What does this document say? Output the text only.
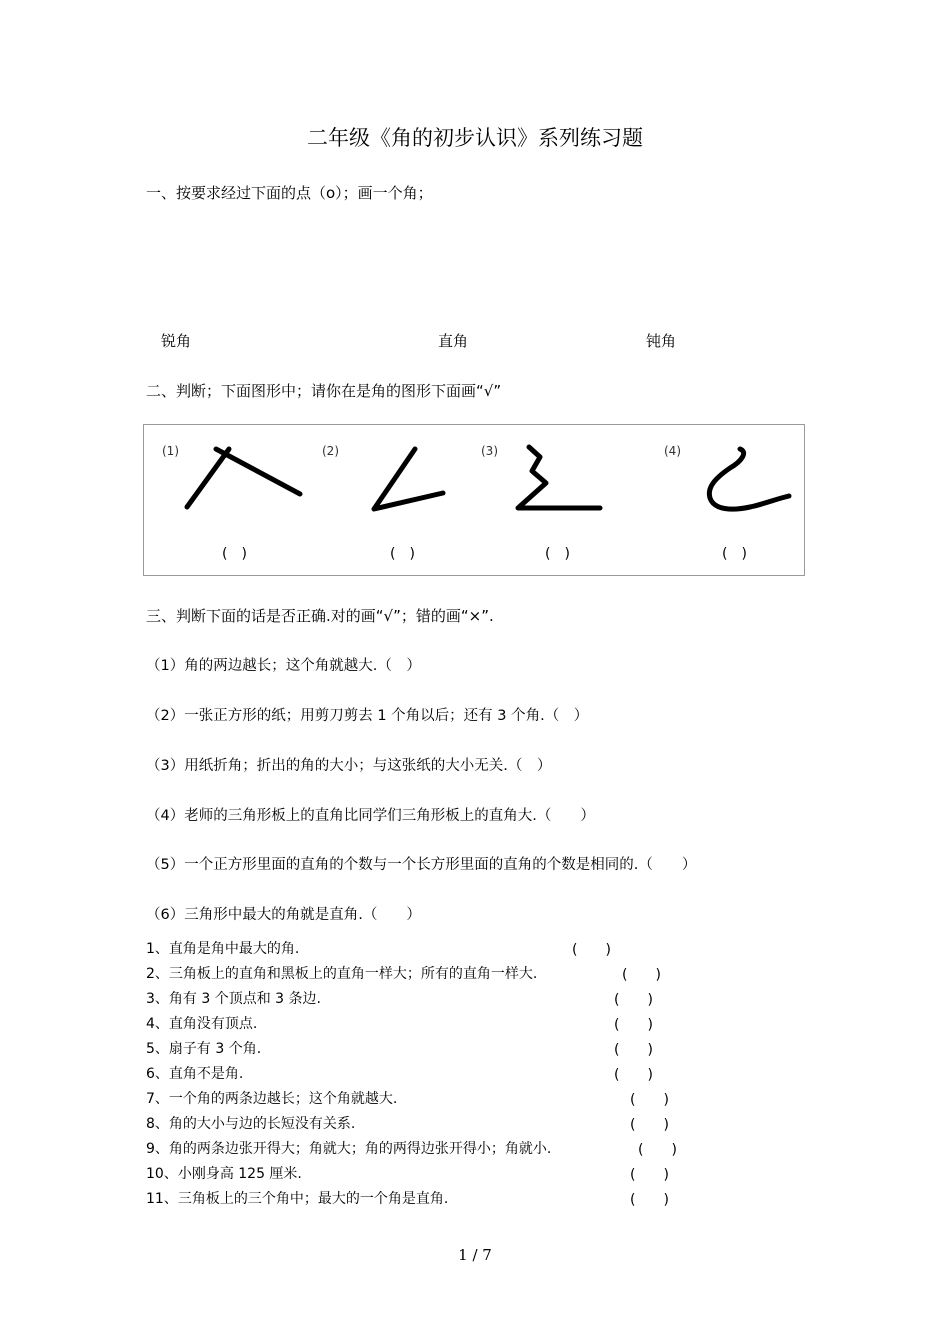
二年级《角的初步认识》系列练习题
一、按要求经过下面的点（o）；画一个角；
锐角	直角	钝角
二、判断；下面图形中；请你在是角的图形下面画“√”
(1)	(2)	(3)	(4)
(　)	(　)	(　)	(　)
三、判断下面的话是否正确.对的画“√”；错的画“×”.
（1）角的两边越长；这个角就越大.（　）
（2）一张正方形的纸；用剪刀剪去 1 个角以后；还有 3 个角.（　）
（3）用纸折角；折出的角的大小；与这张纸的大小无关.（　）
（4）老师的三角形板上的直角比同学们三角形板上的直角大.（　　）
（5）一个正方形里面的直角的个数与一个长方形里面的直角的个数是相同的.（　　）
（6）三角形中最大的角就是直角.（　　）
1、直角是角中最大的角.	(　　)
2、三角板上的直角和黑板上的直角一样大；所有的直角一样大.	(　　)
3、角有 3 个顶点和 3 条边.	(　　)
4、直角没有顶点.	(　　)
5、扇子有 3 个角.	(　　)
6、直角不是角.	(　　)
7、一个角的两条边越长；这个角就越大.	(　　)
8、角的大小与边的长短没有关系.	(　　)
9、角的两条边张开得大；角就大；角的两得边张开得小；角就小.	(　　)
10、小刚身高 125 厘米.	(　　)
11、三角板上的三个角中；最大的一个角是直角.	(　　)
1 / 7
